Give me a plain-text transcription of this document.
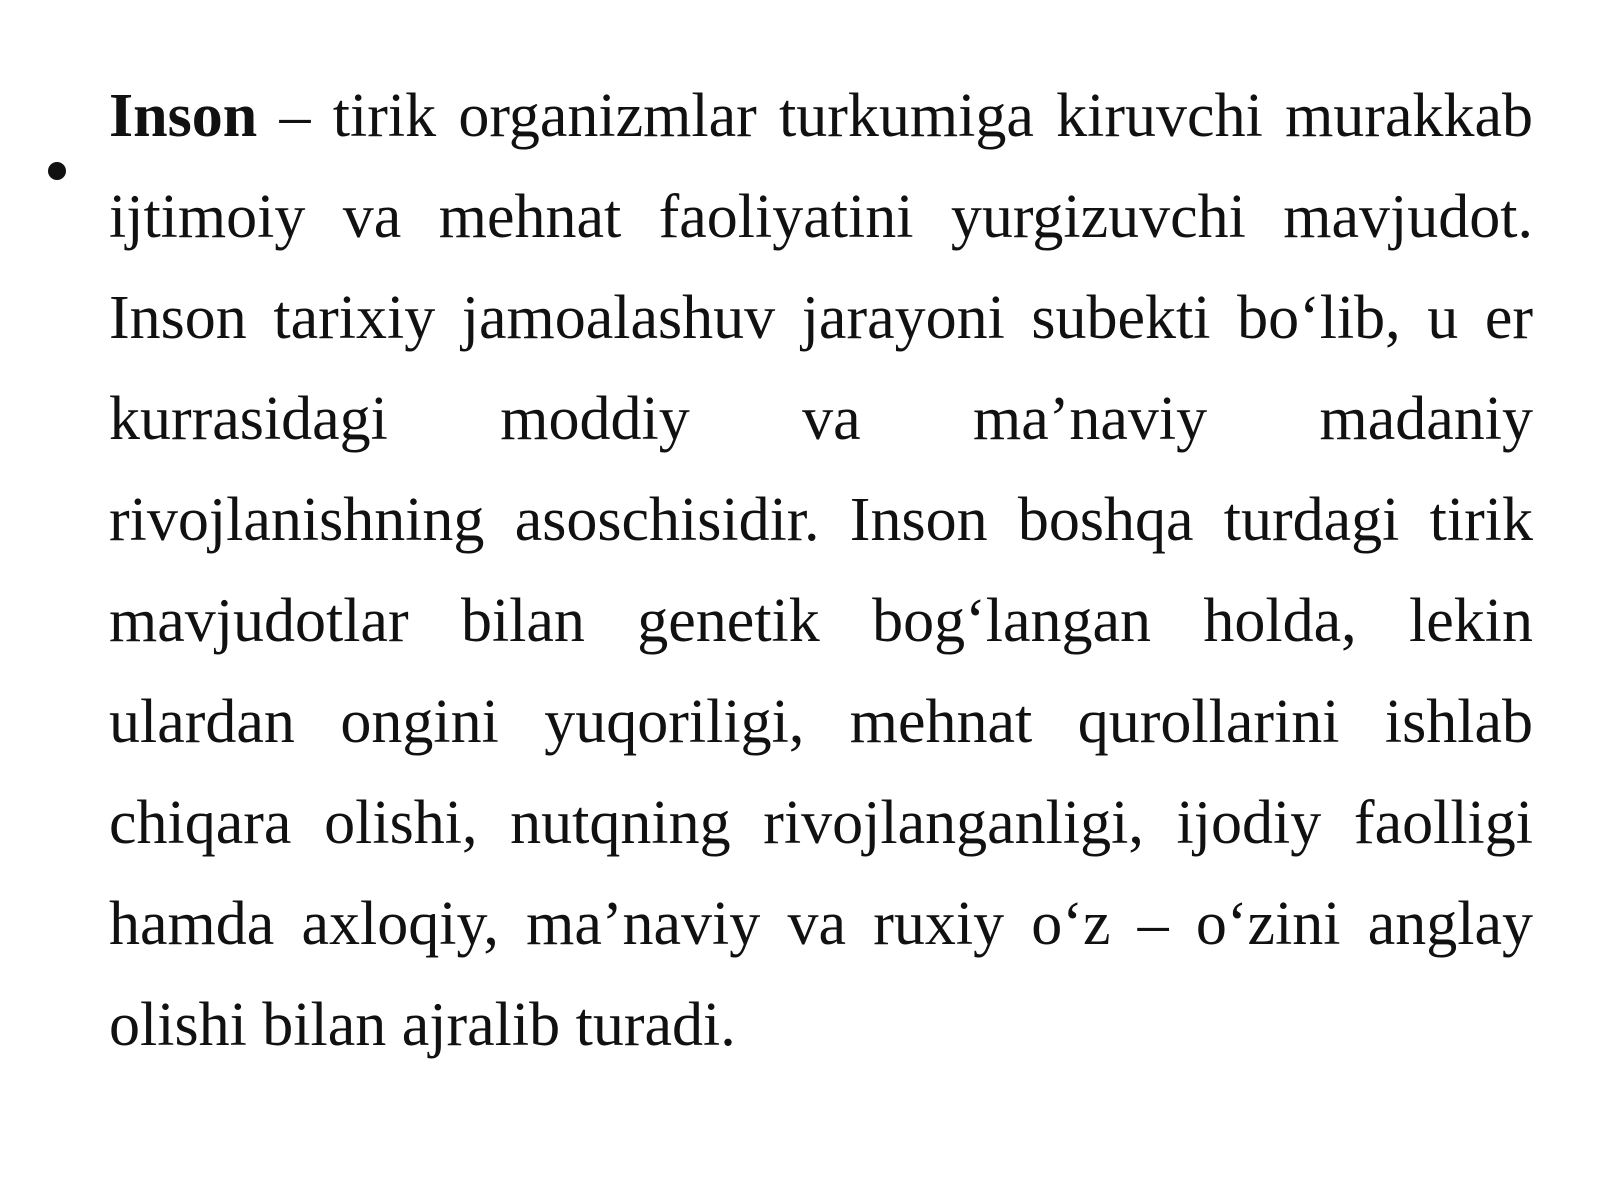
Inson – tirik organizmlar turkumiga kiruvchi murakkab ijtimoiy va mehnat faoliyatini yurgizuvchi mavjudot. Inson tarixiy jamoalashuv jarayoni subekti bo‘lib, u er kurrasidagi moddiy va ma’naviy madaniy rivojlanishning asoschisidir. Inson boshqa turdagi tirik mavjudotlar bilan genetik bog‘langan holda, lekin ulardan ongini yuqoriligi, mehnat qurollarini ishlab chiqara olishi, nutqning rivojlanganligi, ijodiy faolligi hamda axloqiy, ma’naviy va ruxiy o‘z – o‘zini anglay olishi bilan ajralib turadi.
